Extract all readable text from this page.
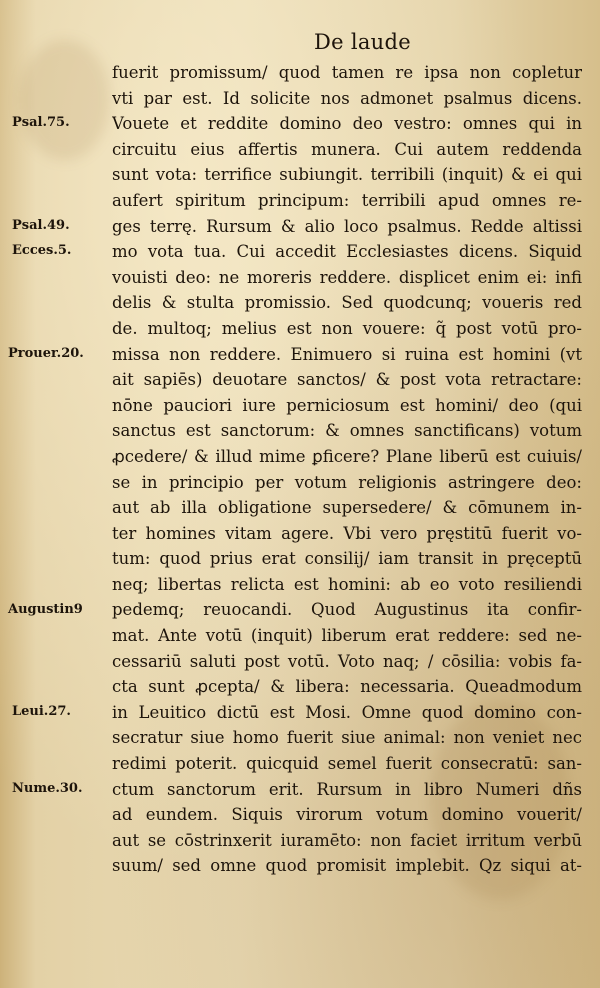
De laude
Psal.75.
Psal.49.
Ecces.5.
Prouer.20.
Augustin9
Leui.27.
Nume.30.
fuerit promissum/ quod tamen re ipsa non copletur
vti par est. Id solicite nos admonet psalmus dicens.
Vouete et reddite domino deo vestro: omnes qui in
circuitu eius affertis munera. Cui autem reddenda
sunt vota: terrifice subiungit. terribili (inquit) & ei qui
aufert spiritum principum: terribili apud omnes re-
ges terrę. Rursum & alio loco psalmus. Redde altissi
mo vota tua. Cui accedit Ecclesiastes dicens. Siquid
vouisti deo: ne moreris reddere. displicet enim ei: infi
delis & stulta promissio. Sed quodcunq; voueris red
de. multoq; melius est non vouere: q̃ post votū pro-
missa non reddere. Enimuero si ruina est homini (vt
ait sapiēs) deuotare sanctos/ & post vota retractare:
nōne pauciori iure perniciosum est homini/ deo (qui
sanctus est sanctorum: & omnes sanctificans) votum
ꝓcedere/ & illud mime ꝑficere? Plane liberū est cuiuis/
se in principio per votum religionis astringere deo:
aut ab illa obligatione supersedere/ & cōmunem in-
ter homines vitam agere. Vbi vero pręstitū fuerit vo-
tum: quod prius erat consilij/ iam transit in pręceptū
neq; libertas relicta est homini: ab eo voto resiliendi
pedemq; reuocandi. Quod Augustinus ita confir-
mat. Ante votū (inquit) liberum erat reddere: sed ne-
cessariū saluti post votū. Voto naq; / cōsilia: vobis fa-
cta sunt ꝓcepta/ & libera: necessaria. Queadmodum
in Leuitico dictū est Mosi. Omne quod domino con-
secratur siue homo fuerit siue animal: non veniet nec
redimi poterit. quicquid semel fuerit consecratū: san-
ctum sanctorum erit. Rursum in libro Numeri dñs
ad eundem. Siquis virorum votum domino vouerit/
aut se cōstrinxerit iuramēto: non faciet irritum verbū
suum/ sed omne quod promisit implebit. Qz siqui at-
